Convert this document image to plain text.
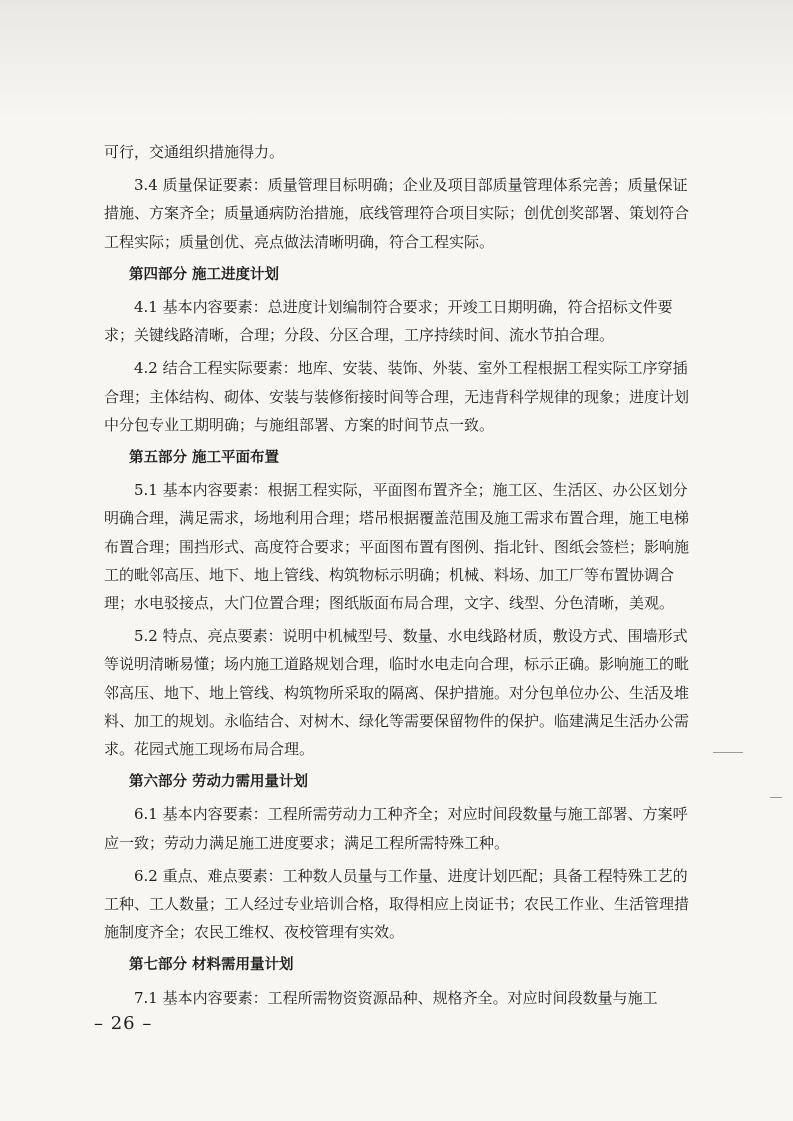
可行，交通组织措施得力。

3.4 质量保证要素：质量管理目标明确；企业及项目部质量管理体系完善；质量保证措施、方案齐全；质量通病防治措施，底线管理符合项目实际；创优创奖部署、策划符合工程实际；质量创优、亮点做法清晰明确，符合工程实际。

第四部分 施工进度计划

4.1 基本内容要素：总进度计划编制符合要求；开竣工日期明确，符合招标文件要求；关键线路清晰，合理；分段、分区合理，工序持续时间、流水节拍合理。

4.2 结合工程实际要素：地库、安装、装饰、外装、室外工程根据工程实际工序穿插合理；主体结构、砌体、安装与装修衔接时间等合理，无违背科学规律的现象；进度计划中分包专业工期明确；与施组部署、方案的时间节点一致。

第五部分 施工平面布置

5.1 基本内容要素：根据工程实际，平面图布置齐全；施工区、生活区、办公区划分明确合理，满足需求，场地利用合理；塔吊根据覆盖范围及施工需求布置合理，施工电梯布置合理；围挡形式、高度符合要求；平面图布置有图例、指北针、图纸会签栏；影响施工的毗邻高压、地下、地上管线、构筑物标示明确；机械、料场、加工厂等布置协调合理；水电驳接点，大门位置合理；图纸版面布局合理，文字、线型、分色清晰，美观。

5.2 特点、亮点要素：说明中机械型号、数量、水电线路材质，敷设方式、围墙形式等说明清晰易懂；场内施工道路规划合理，临时水电走向合理，标示正确。影响施工的毗邻高压、地下、地上管线、构筑物所采取的隔离、保护措施。对分包单位办公、生活及堆料、加工的规划。永临结合、对树木、绿化等需要保留物件的保护。临建满足生活办公需求。花园式施工现场布局合理。

第六部分 劳动力需用量计划

6.1 基本内容要素：工程所需劳动力工种齐全；对应时间段数量与施工部署、方案呼应一致；劳动力满足施工进度要求；满足工程所需特殊工种。

6.2 重点、难点要素：工种数人员量与工作量、进度计划匹配；具备工程特殊工艺的工种、工人数量；工人经过专业培训合格，取得相应上岗证书；农民工作业、生活管理措施制度齐全；农民工维权、夜校管理有实效。

第七部分 材料需用量计划

7.1 基本内容要素：工程所需物资资源品种、规格齐全。对应时间段数量与施工

– 26 –
